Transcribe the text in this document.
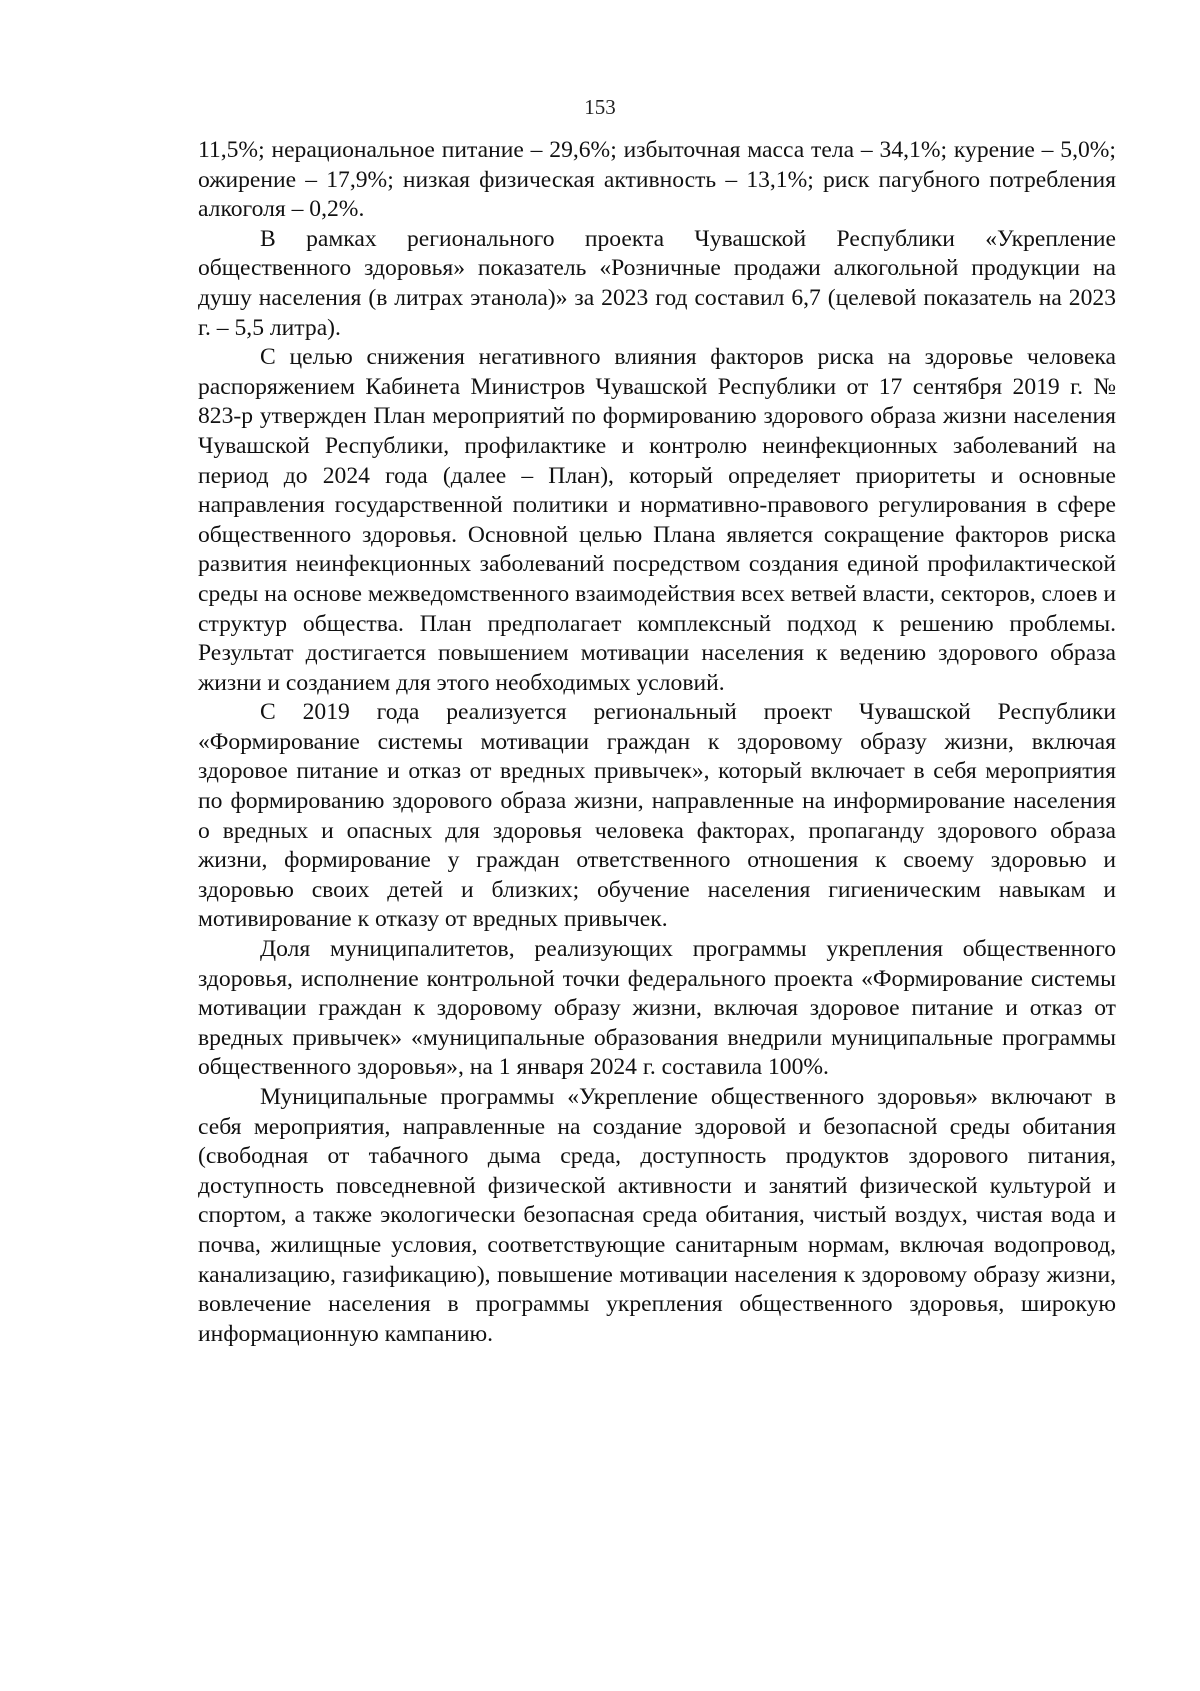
153

11,5%; нерациональное питание – 29,6%; избыточная масса тела – 34,1%; курение – 5,0%; ожирение – 17,9%; низкая физическая активность – 13,1%; риск пагубного потребления алкоголя – 0,2%.

В рамках регионального проекта Чувашской Республики «Укрепление общественного здоровья» показатель «Розничные продажи алкогольной продукции на душу населения (в литрах этанола)» за 2023 год составил 6,7 (целевой показатель на 2023 г. – 5,5 литра).

С целью снижения негативного влияния факторов риска на здоровье человека распоряжением Кабинета Министров Чувашской Республики от 17 сентября 2019 г. № 823-р утвержден План мероприятий по формированию здорового образа жизни населения Чувашской Республики, профилактике и контролю неинфекционных заболеваний на период до 2024 года (далее – План), который определяет приоритеты и основные направления государственной политики и нормативно-правового регулирования в сфере общественного здоровья. Основной целью Плана является сокращение факторов риска развития неинфекционных заболеваний посредством создания единой профилактической среды на основе межведомственного взаимодействия всех ветвей власти, секторов, слоев и структур общества. План предполагает комплексный подход к решению проблемы. Результат достигается повышением мотивации населения к ведению здорового образа жизни и созданием для этого необходимых условий.

С 2019 года реализуется региональный проект Чувашской Республики «Формирование системы мотивации граждан к здоровому образу жизни, включая здоровое питание и отказ от вредных привычек», который включает в себя мероприятия по формированию здорового образа жизни, направленные на информирование населения о вредных и опасных для здоровья человека факторах, пропаганду здорового образа жизни, формирование у граждан ответственного отношения к своему здоровью и здоровью своих детей и близких; обучение населения гигиеническим навыкам и мотивирование к отказу от вредных привычек.

Доля муниципалитетов, реализующих программы укрепления общественного здоровья, исполнение контрольной точки федерального проекта «Формирование системы мотивации граждан к здоровому образу жизни, включая здоровое питание и отказ от вредных привычек» «муниципальные образования внедрили муниципальные программы общественного здоровья», на 1 января 2024 г. составила 100%.

Муниципальные программы «Укрепление общественного здоровья» включают в себя мероприятия, направленные на создание здоровой и безопасной среды обитания (свободная от табачного дыма среда, доступность продуктов здорового питания, доступность повседневной физической активности и занятий физической культурой и спортом, а также экологически безопасная среда обитания, чистый воздух, чистая вода и почва, жилищные условия, соответствующие санитарным нормам, включая водопровод, канализацию, газификацию), повышение мотивации населения к здоровому образу жизни, вовлечение населения в программы укрепления общественного здоровья, широкую информационную кампанию.
